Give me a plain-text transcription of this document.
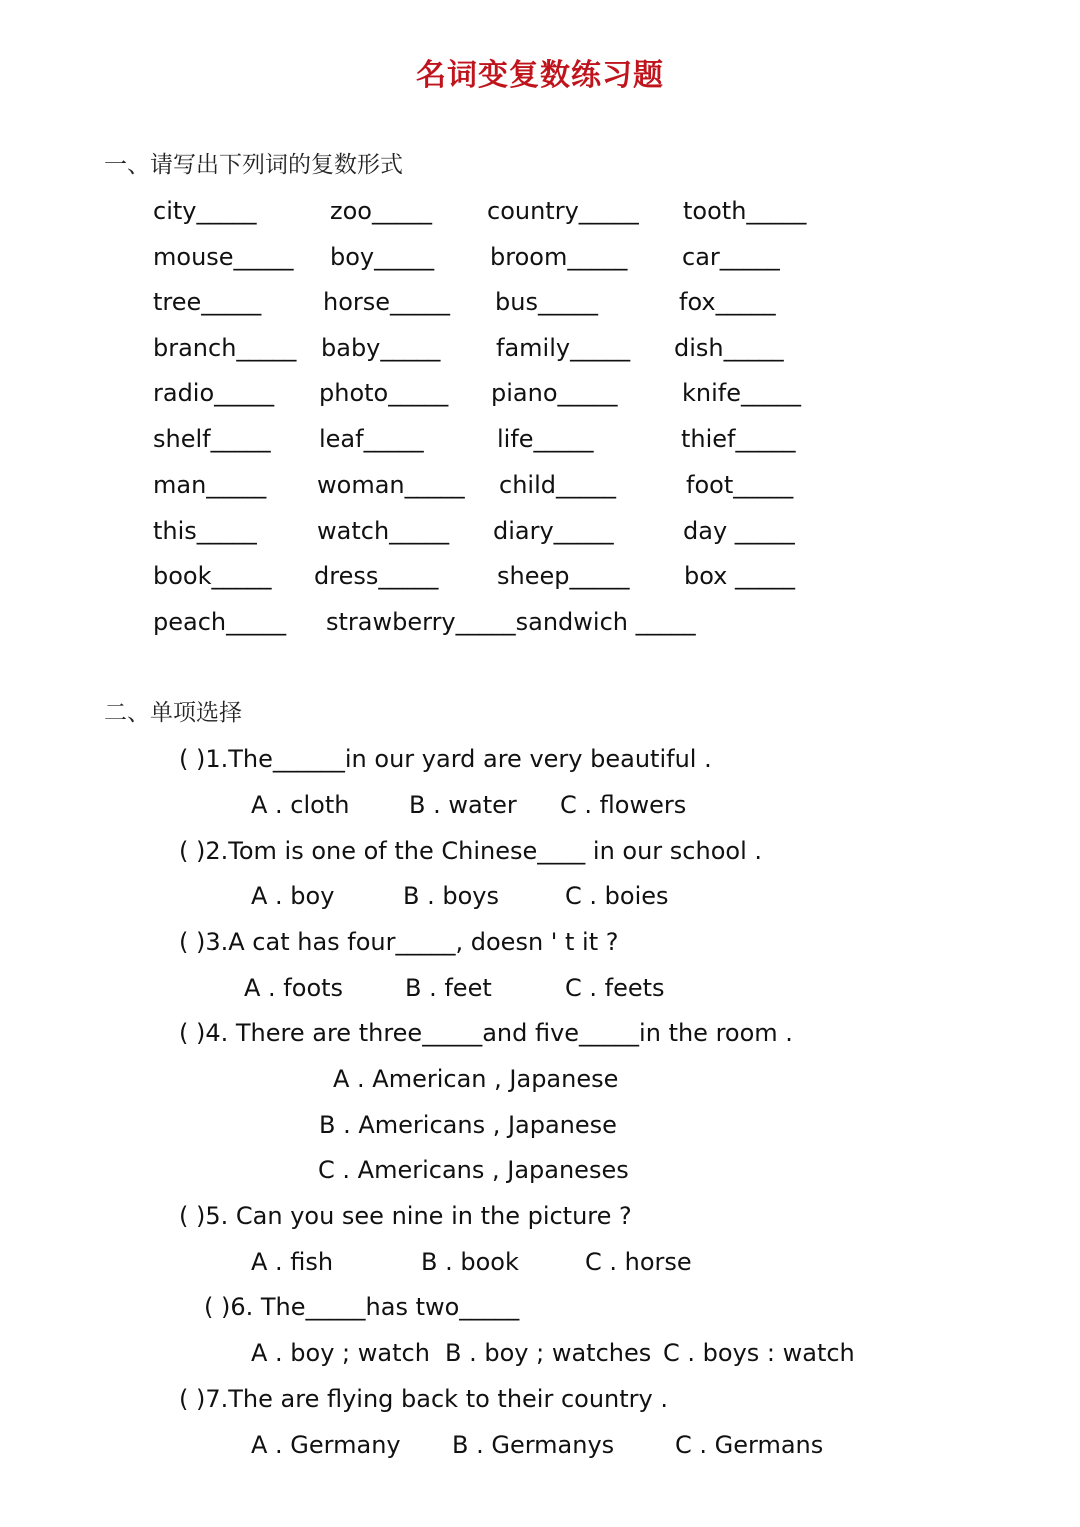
名词变复数练习题
一、请写出下列词的复数形式
city_____	zoo_____ country_____ tooth_____
mouse_____ boy_____ broom_____ car_____
tree_____	horse_____ bus_____	fox_____
branch_____ baby_____ family_____ dish_____
radio_____ photo_____ piano_____	knife_____
shelf_____ leaf_____	life_____	thief_____
man_____ woman_____ child_____	foot_____
this_____	watch_____ diary_____	day _____
book_____ dress_____ sheep_____ box _____
peach_____ strawberry_____sandwich _____
二、单项选择
( )1.The______in our yard are very beautiful .
A . cloth B . water C . flowers
( )2.Tom is one of the Chinese____ in our school .
A . boy	B . boys	C . boies
( )3.A cat has four_____, doesn ' t it ?
A . foots	B . feet	C . feets
( )4. There are three_____and five_____in the room .
A . American , Japanese
B . Americans , Japanese
C . Americans , Japaneses
( )5. Can you see nine in the picture ?
A . fish	B . book	C . horse
( )6. The_____has two_____
A . boy ; watch B . boy ; watches C . boys : watch
( )7.The are flying back to their country .
A . Germany B . Germanys	C . Germans
